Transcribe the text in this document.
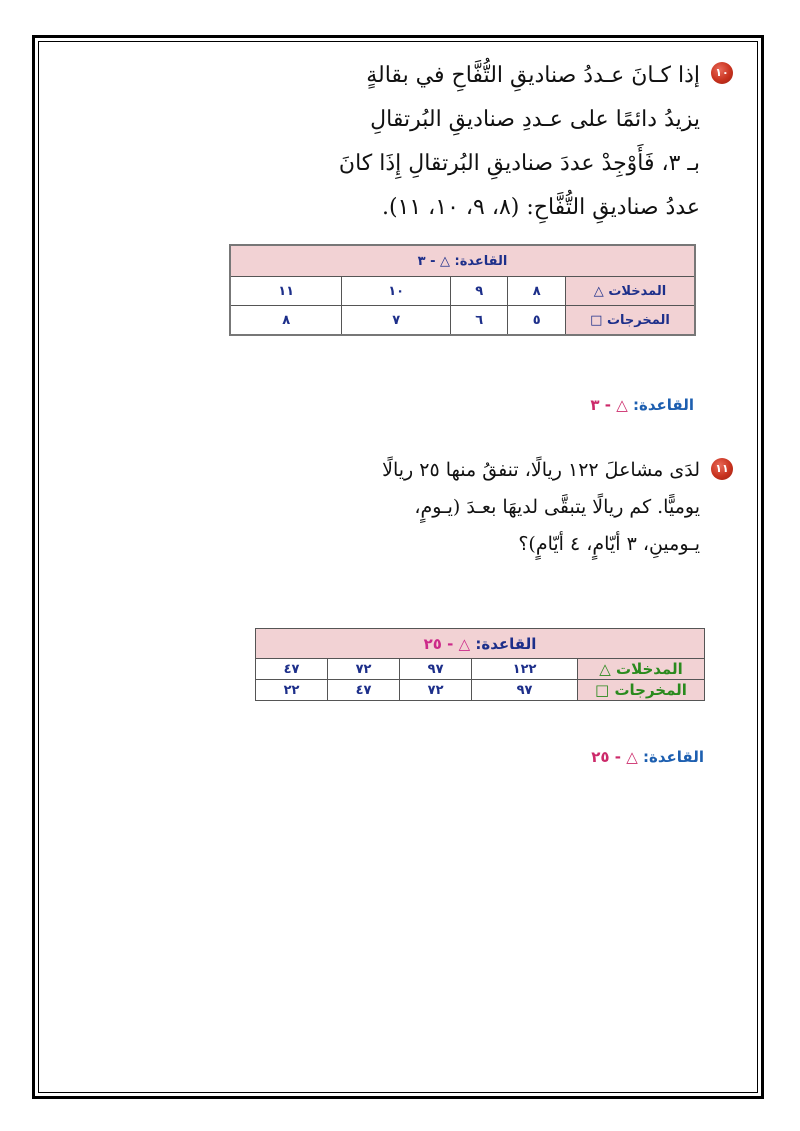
١٠
إذا كـانَ عـددُ صناديقِ التُّفَّاحِ في بقالةٍ
يزيدُ دائمًا على عـددِ صناديقِ البُرتقالِ
بـ ٣، فَأَوْجِدْ عددَ صناديقِ البُرتقالِ إِذَا كانَ
عددُ صناديقِ التُّفَّاحِ: (٨، ٩، ١٠، ١١).
القاعدة: △ - ٣				
المدخلات △	٨	٩	١٠	١١
المخرجات □	٥	٦	٧	٨
القاعدة: △ - ٣
١١
لدَى مشاعلَ ١٢٢ ريالًا، تنفقُ منها ٢٥ ريالًا
يوميًّا. كم ريالًا يتبقَّى لديهَا بعـدَ (يـومٍ،
يـومينِ، ٣ أيّامٍ، ٤ أيّامٍ)؟
القاعدة: △ - ٢٥				
المدخلات △	١٢٢	٩٧	٧٢	٤٧
المخرجات □	٩٧	٧٢	٤٧	٢٢
القاعدة: △ - ٢٥
